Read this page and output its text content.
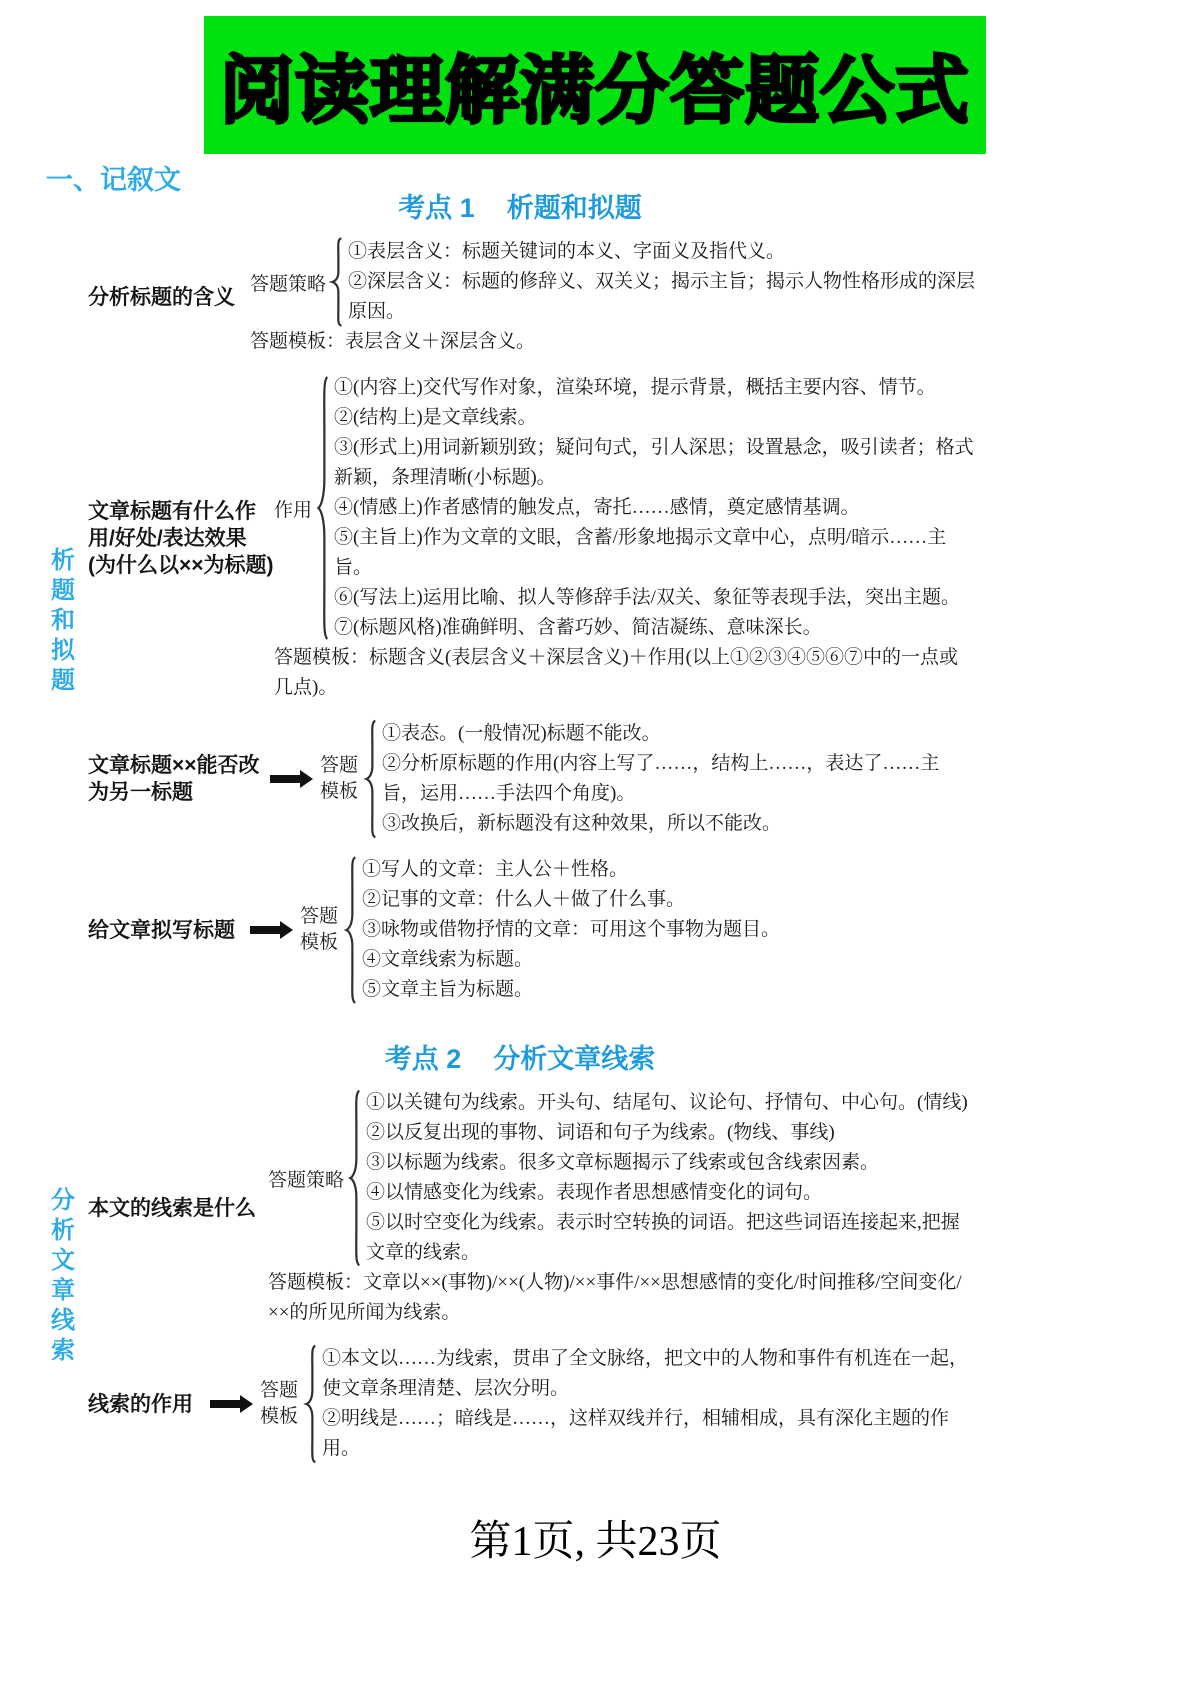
阅读理解满分答题公式
一、记叙文
考点 1 析题和拟题
析题和拟题
分析标题的含义
答题策略
①表层含义：标题关键词的本义、字面义及指代义。
②深层含义：标题的修辞义、双关义；揭示主旨；揭示人物性格形成的深层原因。
答题模板：表层含义＋深层含义。
文章标题有什么作用/好处/表达效果(为什么以××为标题)
作用
①(内容上)交代写作对象，渲染环境，提示背景，概括主要内容、情节。
②(结构上)是文章线索。
③(形式上)用词新颖别致；疑问句式，引人深思；设置悬念，吸引读者；格式新颖，条理清晰(小标题)。
④(情感上)作者感情的触发点，寄托……感情，奠定感情基调。
⑤(主旨上)作为文章的文眼，含蓄/形象地揭示文章中心，点明/暗示……主旨。
⑥(写法上)运用比喻、拟人等修辞手法/双关、象征等表现手法，突出主题。
⑦(标题风格)准确鲜明、含蓄巧妙、简洁凝练、意味深长。
答题模板：标题含义(表层含义＋深层含义)＋作用(以上①②③④⑤⑥⑦中的一点或几点)。
文章标题××能否改为另一标题
答题模板
①表态。(一般情况)标题不能改。
②分析原标题的作用(内容上写了……，结构上……，表达了……主旨，运用……手法四个角度)。
③改换后，新标题没有这种效果，所以不能改。
给文章拟写标题
答题模板
①写人的文章：主人公＋性格。
②记事的文章：什么人＋做了什么事。
③咏物或借物抒情的文章：可用这个事物为题目。
④文章线索为标题。
⑤文章主旨为标题。
考点 2 分析文章线索
分析文章线索
本文的线索是什么
答题策略
①以关键句为线索。开头句、结尾句、议论句、抒情句、中心句。(情线)
②以反复出现的事物、词语和句子为线索。(物线、事线)
③以标题为线索。很多文章标题揭示了线索或包含线索因素。
④以情感变化为线索。表现作者思想感情变化的词句。
⑤以时空变化为线索。表示时空转换的词语。把这些词语连接起来,把握文章的线索。
答题模板：文章以××(事物)/××(人物)/××事件/××思想感情的变化/时间推移/空间变化/××的所见所闻为线索。
线索的作用
答题模板
①本文以……为线索，贯串了全文脉络，把文中的人物和事件有机连在一起，使文章条理清楚、层次分明。
②明线是……；暗线是……，这样双线并行，相辅相成，具有深化主题的作用。
第1页, 共23页
